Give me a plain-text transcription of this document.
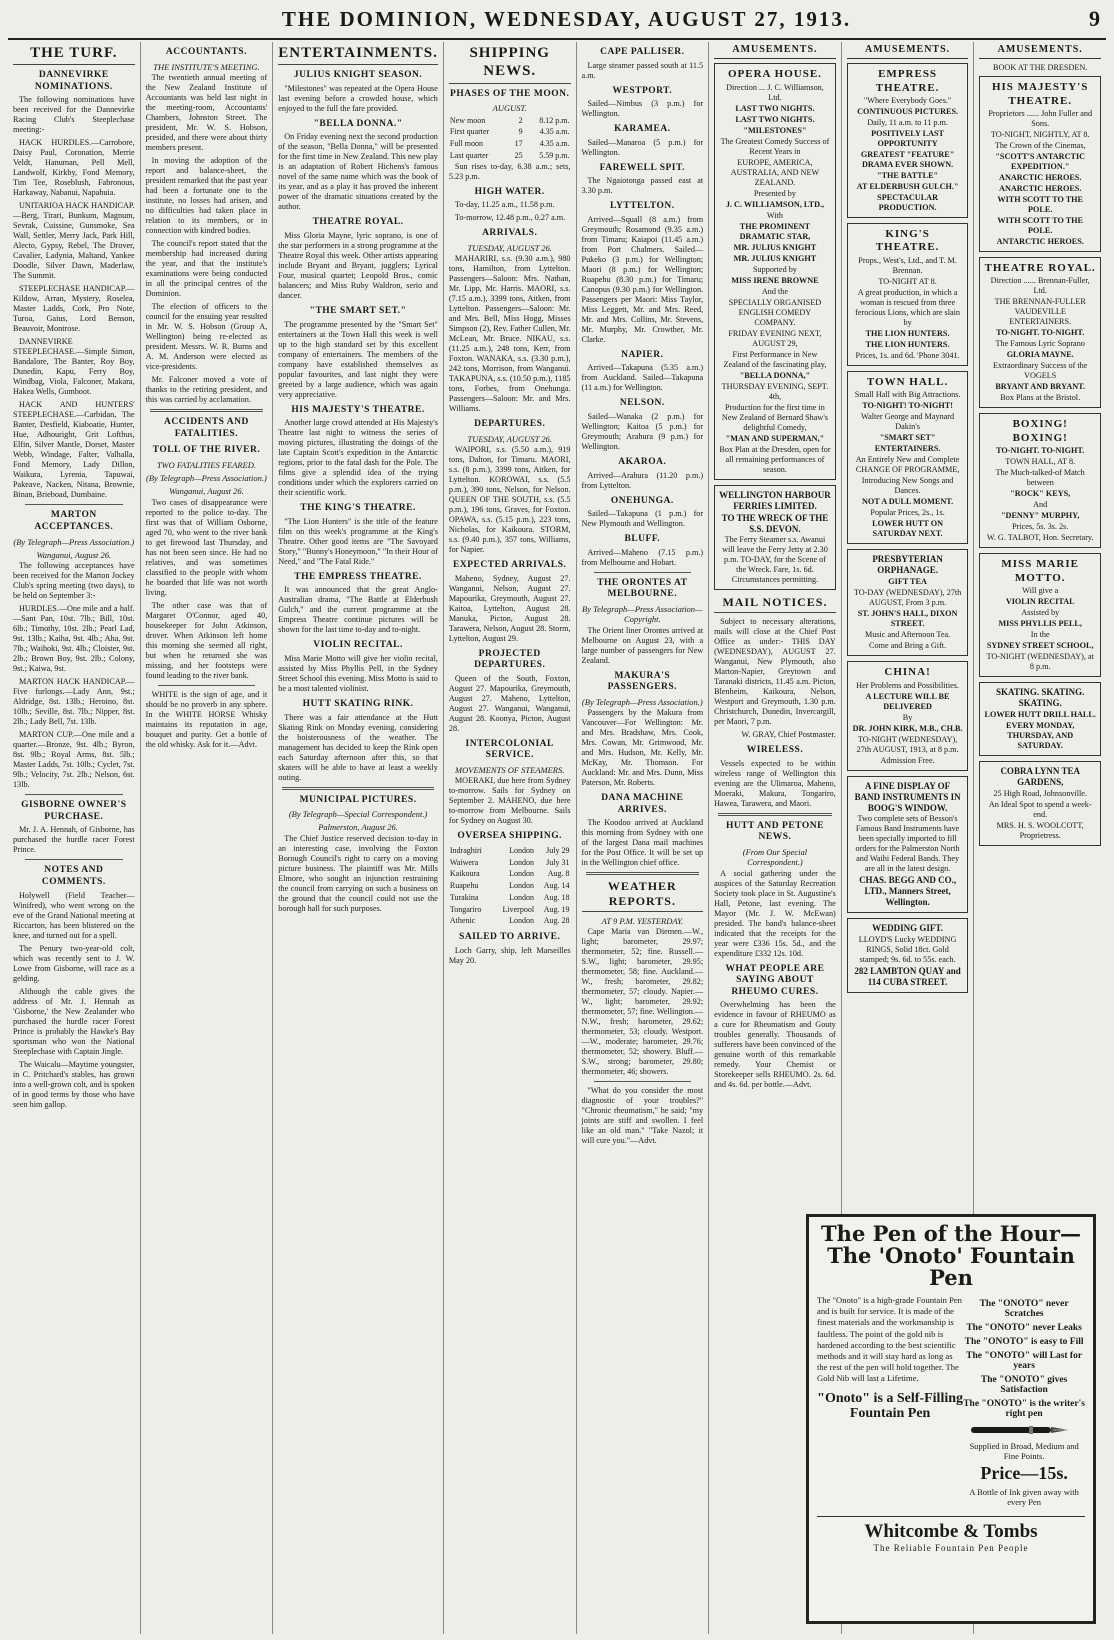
THE DOMINION, WEDNESDAY, AUGUST 27, 1913.	9
THE TURF.
DANNEVIRKE NOMINATIONS.

The following nominations have been received for the Dannevirke Racing Club's Steeplechase meeting:-

HACK HURDLES.—Carrobore, Daisy Paul, Coronation, Merrie Veldt, Hanuman, Pell Mell, Landwolf, Kirkby, Fond Memory, Tim Tee, Roseblush, Fabronous, Harkaway, Nabanui, Napahuia.

UNITARIOA HACK HANDICAP.—Berg, Tirari, Bunkum, Magnum, Sevrak, Cuissine, Gunsmoke, Sea Wall, Settler, Merry Jack, Park Hill, Alecto, Gypsy, Rebel, The Drover, Cavalier, Ladynia, Maltand, Yankee Doodle, Silver Dawn, Maderlaw, The Summit.

STEEPLECHASE HANDICAP.—Kildow, Arran, Mystery, Roselea, Master Ladds, Cork, Pro Note, Turoa, Gaius, Lord Benson, Beauvoir, Montrose.

DANNEVIRKE STEEPLECHASE.—Simple Simon, Bandalore, The Banter, Roy Boy, Dunedin, Kapu, Ferry Boy, Windbag, Viola, Falconer, Makara, Hakea Wells, Gumboot.

HACK AND HUNTERS' STEEPLECHASE.—Carbidan, The Banter, Desfield, Kiaboatie, Hunter, Hue, Adhouright, Grit Lofthus, Elfin, Silver Mantle, Dorset, Master Webb, Windage, Falter, Valhalla, Fond Memory, Lady Dillon, Waikura, Lyrenia, Tapuwai, Pakeave, Nacken, Nitana, Brownie, Binan, Brieboad, Dumbaine.

MARTON ACCEPTANCES.
(By Telegraph—Press Association.)
Wanganui, August 26.

The following acceptances have been received for the Marton Jockey Club's spring meeting (two days), to be held on September 3:-

HURDLES.—One mile and a half.—Sant Pan, 10st. 7lb.; Bill, 10st. 6lb.; Timothy, 10st. 2lb.; Pearl Lad, 9st. 13lb.; Kaiha, 9st. 4lb.; Aha, 9st. 7lb.; Waihoki, 9st. 4lb.; Cloister, 9st. 2lb.; Brown Boy, 9st. 2lb.; Colony, 9st.; Kaiwa, 9st.

MARTON HACK HANDICAP.—Five furlongs.—Lady Ann, 9st.; Aldridge, 8st. 13lb.; Heroino, 8st. 10lb.; Seville, 8st. 7lb.; Nipper, 8st. 2lb.; Lady Bell, 7st. 13lb.

MARTON CUP.—One mile and a quarter.—Bronze, 9st. 4lb.; Byron, 8st. 9lb.; Royal Arms, 8st. 5lb.; Master Ladds, 7st. 10lb.; Cyclet, 7st. 9lb.; Velocity, 7st. 2lb.; Nelson, 6st. 13lb.

GISBORNE OWNER'S PURCHASE.

Mr. J. A. Hennah, of Gisborne, has purchased the hurdle racer Forest Prince.

NOTES AND COMMENTS.

Holywell (Field Teacher—Winifred), who went wrong on the eve of the Grand National meeting at Riccarton, has been blistered on the knee, and turned out for a spell.

The Penury two-year-old colt, which was recently sent to J. W. Lowe from Gisborne, will race as a gelding.

Although the cable gives the address of Mr. J. Hennah as 'Gisborne,' the New Zealander who purchased the hurdle racer Forest Prince is probably the Hawke's Bay sportsman who won the National Steeplechase with Captain Jingle.

The Waicalu—Maytime youngster, in C. Pritchard's stables, has grown into a well-grown colt, and is spoken of in good terms by those who have seen him gallop.

ACCOUNTANTS.
THE INSTITUTE'S MEETING.

The twentieth annual meeting of the New Zealand Institute of Accountants was held last night in the meeting-room, Accountants' Chambers, Johnston Street. The president, Mr. W. S. Hobson, presided, and there were about thirty members present.

In moving the adoption of the report and balance-sheet, the president remarked that the past year had been a fortunate one to the institute, no losses had arisen, and no difficulties had taken place in relation to its members, or in connection with kindred bodies.

The council's report stated that the membership had increased during the year, and that the institute's examinations were being conducted in all the principal centres of the Dominion.

The election of officers to the council for the ensuing year resulted in Mr. W. S. Hobson (Group A, Wellington) being re-elected as president. Messrs. W. R. Burns and A. M. Anderson were elected as vice-presidents.

Mr. Falconer moved a vote of thanks to the retiring president, and this was carried by acclamation.

ACCIDENTS AND FATALITIES.
TOLL OF THE RIVER.
TWO FATALITIES FEARED.
(By Telegraph—Press Association.)
Wanganui, August 26.

Two cases of disappearance were reported to the police to-day. The first was that of William Osborne, aged 70, who went to the river bank to get firewood last Thursday, and has not been seen since. He had no relatives, and was sometimes classified to the people with whom he boarded that life was not worth living.

The other case was that of Margaret O'Connor, aged 40, housekeeper for John Atkinson, drover. When Atkinson left home this morning she seemed all right, but when he returned she was missing, and her footsteps were found leading to the river bank.

WHITE is the sign of age, and it should be no proverb in any sphere. In the WHITE HORSE Whisky maintains its reputation in age, bouquet and purity. Get a bottle of the old whisky. Ask for it.—Advt.

ENTERTAINMENTS.
JULIUS KNIGHT SEASON.

"Milestones" was repeated at the Opera House last evening before a crowded house, which enjoyed to the full the fare provided.

"BELLA DONNA."

On Friday evening next the second production of the season, "Bella Donna," will be presented for the first time in New Zealand. This new play is an adaptation of Robert Hichens's famous novel of the same name which was the book of its year, and as a play it has proved the inherent power of the dramatic situations created by the author.

THEATRE ROYAL.

Miss Gloria Mayne, lyric soprano, is one of the star performers in a strong programme at the Theatre Royal this week. Other artists appearing include Bryant and Bryant, jugglers; Lyrical Four, musical quartet; Leopold Bros., comic balancers; and Miss Ruby Waldron, serio and dancer.

"THE SMART SET."

The programme presented by the "Smart Set" entertainers at the Town Hall this week is well up to the high standard set by this excellent company of entertainers. The members of the company have established themselves as popular favourites, and last night they were greeted by a large audience, which was again very appreciative.

HIS MAJESTY'S THEATRE.

Another large crowd attended at His Majesty's Theatre last night to witness the series of moving pictures, illustrating the doings of the late Captain Scott's expedition in the Antarctic regions, prior to the fatal dash for the Pole. The films give a splendid idea of the trying conditions under which the explorers carried on their scientific work.

THE KING'S THEATRE.

"The Lion Hunters" is the title of the feature film on this week's programme at the King's Theatre. Other good items are "The Savoyard Story," "Bunny's Honeymoon," "In their Hour of Need," and "The Fatal Ride."

THE EMPRESS THEATRE.

It was announced that the great Anglo-Australian drama, "The Battle at Elderbush Gulch," and the current programme at the Empress Theatre continue pictures will be shown for the last time to-day and to-night.

VIOLIN RECITAL.

Miss Marie Motto will give her violin recital, assisted by Miss Phyllis Pell, in the Sydney Street School this evening. Miss Motto is said to be a most talented violinist.

HUTT SKATING RINK.

There was a fair attendance at the Hutt Skating Rink on Monday evening, considering the boisterousness of the weather. The management has decided to keep the Rink open each Saturday afternoon after this, so that skaters will be able to have at least a weekly outing.

MUNICIPAL PICTURES.
(By Telegraph—Special Correspondent.)
Palmerston, August 26.

The Chief Justice reserved decision to-day in an interesting case, involving the Foxton Borough Council's right to carry on a moving picture business. The plaintiff was Mr. Mills Elmore, who sought an injunction restraining the council from carrying on such a business on the ground that the council could not use the borough hall for such purposes.

SHIPPING NEWS.
PHASES OF THE MOON.
AUGUST.
New moon	2	8.12 p.m.
First quarter	9	4.35 a.m.
Full moon	17	4.35 a.m.
Last quarter	25	5.59 p.m.

Sun rises to-day, 6.38 a.m.; sets, 5.23 p.m.

HIGH WATER.

To-day, 11.25 a.m., 11.58 p.m.

To-morrow, 12.48 p.m., 0.27 a.m.

ARRIVALS.
TUESDAY, AUGUST 26.

MAHARIRI, s.s. (9.30 a.m.), 980 tons, Hamilton, from Lyttelton. Passengers—Saloon: Mrs. Nathan, Mr. Lipp, Mr. Harris. MAORI, s.s. (7.15 a.m.), 3399 tons, Aitken, from Lyttelton. Passengers—Saloon: Mr. and Mrs. Bell, Miss Hogg, Misses Simpson (2), Rev. Father Cullen, Mr. McLean, Mr. Bruce. NIKAU, s.s. (11.25 a.m.), 248 tons, Kerr, from Foxton. WANAKA, s.s. (3.30 p.m.), 242 tons, Morrison, from Wanganui. TAKAPUNA, s.s. (10.50 p.m.), 1185 tons, Forbes, from Onehunga. Passengers—Saloon: Mr. and Mrs. Williams.

DEPARTURES.
TUESDAY, AUGUST 26.

WAIPORI, s.s. (5.50 a.m.), 919 tons, Dalton, for Timaru. MAORI, s.s. (8 p.m.), 3399 tons, Aitken, for Lyttelton. KOROWAI, s.s. (5.5 p.m.), 390 tons, Nelson, for Nelson. QUEEN OF THE SOUTH, s.s. (5.5 p.m.), 196 tons, Graves, for Foxton. OPAWA, s.s. (5.15 p.m.), 223 tons, Nicholas, for Kaikoura. STORM, s.s. (9.40 p.m.), 357 tons, Williams, for Napier.

EXPECTED ARRIVALS.

Maheno, Sydney, August 27. Wanganui, Nelson, August 27. Mapourika, Greymouth, August 27. Kaitoa, Lyttelton, August 28. Manuka, Picton, August 28. Tarawera, Nelson, August 28. Storm, Lyttelton, August 29.

PROJECTED DEPARTURES.

Queen of the South, Foxton, August 27. Mapourika, Greymouth, August 27. Maheno, Lyttelton, August 27. Wanganui, Wanganui, August 28. Koonya, Picton, August 28.

INTERCOLONIAL SERVICE.
MOVEMENTS OF STEAMERS.

MOERAKI, due here from Sydney to-morrow. Sails for Sydney on September 2. MAHENO, due here to-morrow from Melbourne. Sails for Sydney on August 30.

OVERSEA SHIPPING.
Indraghiri	London	July 29
Waiwera	London	July 31
Kaikoura	London	Aug. 8
Ruapehu	London	Aug. 14
Turakina	London	Aug. 18
Tongariro	Liverpool	Aug. 19
Athenic	London	Aug. 28
SAILED TO ARRIVE.

Loch Garry, ship, left Marseilles May 20.

CAPE PALLISER.

Large steamer passed south at 11.5 a.m.

WESTPORT.

Sailed—Nimbus (3 p.m.) for Wellington.

KARAMEA.

Sailed—Manaroa (5 p.m.) for Wellington.

FAREWELL SPIT.

The Ngaiotonga passed east at 3.30 p.m.

LYTTELTON.

Arrived—Squall (8 a.m.) from Greymouth; Rosamond (9.35 a.m.) from Timaru; Kaiapoi (11.45 a.m.) from Port Chalmers. Sailed—Pukeko (3 p.m.) for Wellington; Maori (8 p.m.) for Wellington; Ruapehu (8.30 p.m.) for Timaru; Canopus (9.30 p.m.) for Wellington. Passengers per Maori: Miss Taylor, Miss Leggett, Mr. and Mrs. Reed, Mr. and Mrs. Collins, Mr. Stevens, Mr. Murphy, Mr. Crowther, Mr. Clarke.

NAPIER.

Arrived—Takapuna (5.35 a.m.) from Auckland. Sailed—Takapuna (11 a.m.) for Wellington.

NELSON.

Sailed—Wanaka (2 p.m.) for Wellington; Kaitoa (5 p.m.) for Greymouth; Arahura (9 p.m.) for Wellington.

AKAROA.

Arrived—Arahura (11.20 p.m.) from Lyttelton.

ONEHUNGA.

Sailed—Takapuna (1 p.m.) for New Plymouth and Wellington.

BLUFF.

Arrived—Maheno (7.15 p.m.) from Melbourne and Hobart.

THE ORONTES AT MELBOURNE.
By Telegraph—Press Association—Copyright.

The Orient liner Orontes arrived at Melbourne on August 23, with a large number of passengers for New Zealand.

MAKURA'S PASSENGERS.
(By Telegraph—Press Association.)

Passengers by the Makura from Vancouver—For Wellington: Mr. and Mrs. Bradshaw, Mrs. Cook, Mrs. Cowan, Mr. Grimwood, Mr. and Mrs. Hudson, Mr. Kelly, Mr. McKay, Mr. Thomson. For Auckland: Mr. and Mrs. Dunn, Miss Paterson, Mr. Roberts.

DANA MACHINE ARRIVES.

The Koodoo arrived at Auckland this morning from Sydney with one of the largest Dana mail machines for the Post Office. It will be set up in the Wellington chief office.

WEATHER REPORTS.
AT 9 P.M. YESTERDAY.

Cape Maria van Diemen.—W., light; barometer, 29.97; thermometer, 52; fine. Russell.—S.W., light; barometer, 29.95; thermometer, 58; fine. Auckland.—W., fresh; barometer, 29.82; thermometer, 57; cloudy. Napier.—W., light; barometer, 29.92; thermometer, 57; fine. Wellington.—N.W., fresh; barometer, 29.62; thermometer, 53; cloudy. Westport.—W., moderate; barometer, 29.76; thermometer, 52; showery. Bluff.—S.W., strong; barometer, 29.80; thermometer, 46; showers.

"What do you consider the most diagnostic of your troubles?" "Chronic rheumatism," he said; "my joints are stiff and swollen. I feel like an old man." "Take Nazol; it will cure you."—Advt.

AMUSEMENTS.

OPERA HOUSE.

Direction ... J. C. Williamson, Ltd.

LAST TWO NIGHTS.

LAST TWO NIGHTS.

"MILESTONES"

The Greatest Comedy Success of Recent Years in

EUROPE, AMERICA, AUSTRALIA, AND NEW ZEALAND.

Presented by

J. C. WILLIAMSON, LTD.,

With

THE PROMINENT DRAMATIC STAR,

MR. JULIUS KNIGHT

MR. JULIUS KNIGHT

Supported by

MISS IRENE BROWNE

And the

SPECIALLY ORGANISED ENGLISH COMEDY COMPANY.

FRIDAY EVENING NEXT, AUGUST 29,

First Performance in New Zealand of the fascinating play,

"BELLA DONNA,"

THURSDAY EVENING, SEPT. 4th,

Production for the first time in New Zealand of Bernard Shaw's delightful Comedy,

"MAN AND SUPERMAN,"

Box Plan at the Dresden, open for all remaining performances of season.

WELLINGTON HARBOUR FERRIES LIMITED.

TO THE WRECK OF THE S.S. DEVON.

The Ferry Steamer s.s. Awanui will leave the Ferry Jetty at 2.30 p.m. TO-DAY, for the Scene of the Wreck. Fare, 1s. 6d. Circumstances permitting.

MAIL NOTICES.

Subject to necessary alterations, mails will close at the Chief Post Office as under:- THIS DAY (WEDNESDAY), AUGUST 27. Wanganui, New Plymouth, also Marton-Napier, Greytown and Taranaki districts, 11.45 a.m. Picton, Blenheim, Kaikoura, Nelson, Westport and Greymouth, 1.30 p.m. Christchurch, Dunedin, Invercargill, per Maori, 7 p.m.

W. GRAY, Chief Postmaster.

WIRELESS.

Vessels expected to be within wireless range of Wellington this evening are the Ulimaroa, Maheno, Moeraki, Makura, Tongariro, Hawea, Tarawera, and Maori.

HUTT AND PETONE NEWS.
(From Our Special Correspondent.)

A social gathering under the auspices of the Saturday Recreation Society took place in St. Augustine's Hall, Petone, last evening. The Mayor (Mr. J. W. McEwan) presided. The band's balance-sheet indicated that the receipts for the year were £336 15s. 5d., and the expenditure £332 12s. 10d.

WHAT PEOPLE ARE SAYING ABOUT RHEUMO CURES.

Overwhelming has been the evidence in favour of RHEUMO as a cure for Rheumatism and Gouty troubles generally. Thousands of sufferers have been convinced of the genuine worth of this remarkable remedy. Your Chemist or Storekeeper sells RHEUMO. 2s. 6d. and 4s. 6d. per bottle.—Advt.

AMUSEMENTS.

EMPRESS THEATRE.

"Where Everybody Goes."

CONTINUOUS PICTURES.

Daily, 11 a.m. to 11 p.m.

POSITIVELY LAST OPPORTUNITY

GREATEST "FEATURE" DRAMA EVER SHOWN.

"THE BATTLE"

AT ELDERBUSH GULCH."

SPECTACULAR PRODUCTION.

KING'S THEATRE.

Props., West's, Ltd., and T. M. Brennan.

TO-NIGHT AT 8.

A great production, in which a woman is rescued from three ferocious Lions, which are slain by

THE LION HUNTERS.

THE LION HUNTERS.

Prices, 1s. and 6d. 'Phone 3041.

TOWN HALL.

Small Hall with Big Attractions.

TO-NIGHT! TO-NIGHT!

Walter George and Maynard Dakin's

"SMART SET"

ENTERTAINERS.

An Entirely New and Complete CHANGE OF PROGRAMME,

Introducing New Songs and Dances.

NOT A DULL MOMENT.

Popular Prices, 2s., 1s.

LOWER HUTT ON SATURDAY NEXT.

PRESBYTERIAN ORPHANAGE.

GIFT TEA

TO-DAY (WEDNESDAY), 27th AUGUST, From 3 p.m.

ST. JOHN'S HALL, DIXON STREET.

Music and Afternoon Tea.

Come and Bring a Gift.

CHINA!

Her Problems and Possibilities.

A LECTURE WILL BE DELIVERED

By

DR. JOHN KIRK, M.B., CH.B.

TO-NIGHT (WEDNESDAY), 27th AUGUST, 1913, at 8 p.m.

Admission Free.

A FINE DISPLAY OF BAND INSTRUMENTS IN BOOG'S WINDOW.

Two complete sets of Besson's Famous Band Instruments have been specially imported to fill orders for the Palmerston North and Waihi Federal Bands. They are all in the latest design.

CHAS. BEGG AND CO., LTD., Manners Street, Wellington.

WEDDING GIFT.

LLOYD'S Lucky WEDDING RINGS, Solid 18ct. Gold stamped; 9s. 6d. to 55s. each.

282 LAMBTON QUAY and 114 CUBA STREET.

AMUSEMENTS.

BOOK AT THE DRESDEN.

HIS MAJESTY'S THEATRE.

Proprietors ...... John Fuller and Sons.

TO-NIGHT, NIGHTLY, AT 8.

The Crown of the Cinemas,

"SCOTT'S ANTARCTIC EXPEDITION."

ANARCTIC HEROES.

ANARCTIC HEROES.

WITH SCOTT TO THE POLE.

WITH SCOTT TO THE POLE.

ANTARCTIC HEROES.

THEATRE ROYAL.

Direction ...... Brennan-Fuller, Ltd.

THE BRENNAN-FULLER VAUDEVILLE ENTERTAINERS.

TO-NIGHT. TO-NIGHT.

The Famous Lyric Soprano

GLORIA MAYNE.

Extraordinary Success of the VOGELS

BRYANT AND BRYANT.

Box Plans at the Bristol.

BOXING! BOXING!

TO-NIGHT. TO-NIGHT.

TOWN HALL, AT 8.

The Much-talked-of Match between

"ROCK" KEYS,

And

"DENNY" MURPHY,

Prices, 5s. 3s. 2s.

W. G. TALBOT, Hon. Secretary.

MISS MARIE MOTTO.

Will give a

VIOLIN RECITAL

Assisted by

MISS PHYLLIS PELL,

In the

SYDNEY STREET SCHOOL,

TO-NIGHT (WEDNESDAY), at 8 p.m.

SKATING. SKATING. SKATING.

LOWER HUTT DRILL HALL.

EVERY MONDAY, THURSDAY, AND SATURDAY.

COBRA LYNN TEA GARDENS,

25 High Road, Johnsonville.

An Ideal Spot to spend a week-end.

MRS. H. S. WOOLCOTT, Proprietress.

The Pen of the Hour—The 'Onoto' Fountain Pen
The "Onoto" is a high-grade Fountain Pen and is built for service. It is made of the finest materials and the workmanship is faultless. The point of the gold nib is hardened according to the best scientific methods and it will stay hard as long as the rest of the pen will hold together. The Gold Nib will last a Lifetime.
"Onoto" is a Self-Filling Fountain Pen
The "ONOTO" never Scratches
The "ONOTO" never Leaks
The "ONOTO" is easy to Fill
The "ONOTO" will Last for years
The "ONOTO" gives Satisfaction
The "ONOTO" is the writer's right pen

Supplied in Broad, Medium and Fine Points.

Price—15s.

A Bottle of Ink given away with every Pen

Whitcombe & Tombs
The Reliable Fountain Pen People
